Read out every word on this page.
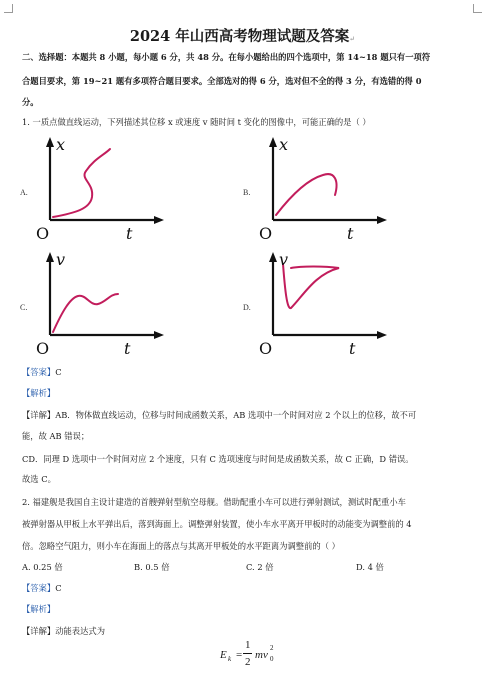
2024 年山西高考物理试题及答案↵
二、选择题：本题共 8 小题，每小题 6 分，共 48 分。在每小题给出的四个选项中，第 14~18 题只有一项符
合题目要求，第 19~21 题有多项符合题目要求。全部选对的得 6 分，选对但不全的得 3 分，有选错的得 0
分。
1. 一质点做直线运动，下列描述其位移 x 或速度 v 随时间 t 变化的图像中，可能正确的是（ ）
A.
x
O	t
B.
x
O	t
C.
v
O	t
D.
v
O	t
【答案】C
【解析】
【详解】AB．物体做直线运动，位移与时间成函数关系，AB 选项中一个时间对应 2 个以上的位移，故不可
能，故 AB 错误；
CD．同理 D 选项中一个时间对应 2 个速度，只有 C 选项速度与时间是成函数关系，故 C 正确，D 错误。
故选 C。
2. 福建舰是我国自主设计建造的首艘弹射型航空母舰。借助配重小车可以进行弹射测试，测试时配重小车
被弹射器从甲板上水平弹出后，落到海面上。调整弹射装置，使小车水平离开甲板时的动能变为调整前的 4
倍。忽略空气阻力，则小车在海面上的落点与其离开甲板处的水平距离为调整前的（ ）
A. 0.25 倍	B. 0.5 倍	C. 2 倍	D. 4 倍
【答案】C
【解析】
【详解】动能表达式为
E k =
1
2
mv
2
0
